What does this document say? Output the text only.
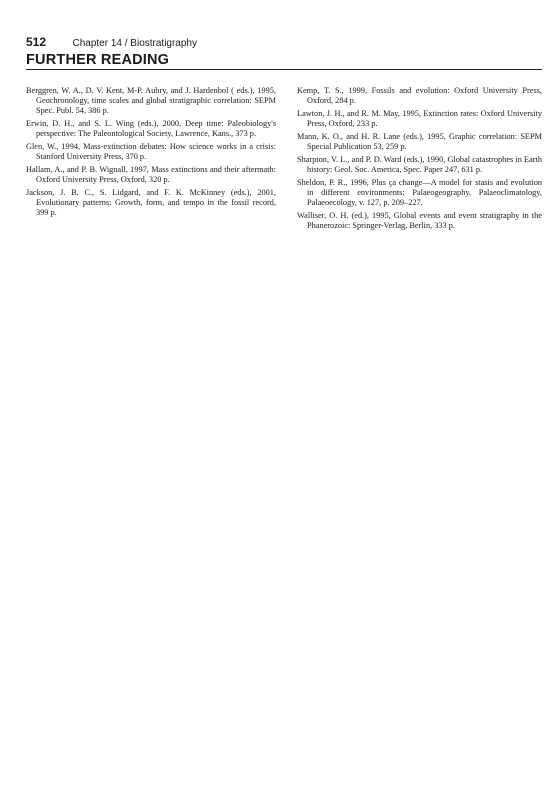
512	Chapter 14 / Biostratigraphy
FURTHER READING

Berggren, W. A., D. V. Kent, M-P. Aubry, and J. Hardenbol ( eds.), 1995, Geochronology, time scales and global stratigraphic correlation: SEPM Spec. Publ. 54, 386 p.

Erwin, D. H., and S. L. Wing (eds.), 2000, Deep time: Paleobiology's perspective: The Paleontological Society, Lawrence, Kans., 373 p.

Glen, W., 1994, Mass-extinction debates: How science works in a crisis: Stanford University Press, 370 p.

Hallam, A., and P. B. Wignall, 1997, Mass extinctions and their aftermath: Oxford University Press, Oxford, 320 p.

Jackson, J. B. C., S. Lidgard, and F. K. McKinney (eds.), 2001, Evolutionary patterns: Growth, form, and tempo in the fossil record, 399 p.

Kemp, T. S., 1999, Fossils and evolution: Oxford University Press, Oxford, 284 p.

Lawton, J. H., and R. M. May, 1995, Extinction rates: Oxford University Press, Oxford, 233 p.

Mann, K. O., and H. R. Lane (eds.), 1995, Graphic correlation: SEPM Special Publication 53, 259 p.

Sharpton, V. L., and P. D. Ward (eds.), 1990, Global catastrophes in Earth history: Geol. Soc. America, Spec. Paper 247, 631 p.

Sheldon, P. R., 1996, Plus ça change—A model for stasis and evolution in different environments: Palaeogeography, Palaeoclimatology, Palaeoecology, v. 127, p. 209–227.

Walliser, O. H. (ed.), 1995, Global events and event stratigraphy in the Phanerozoic: Springer-Verlag, Berlin, 333 p.
